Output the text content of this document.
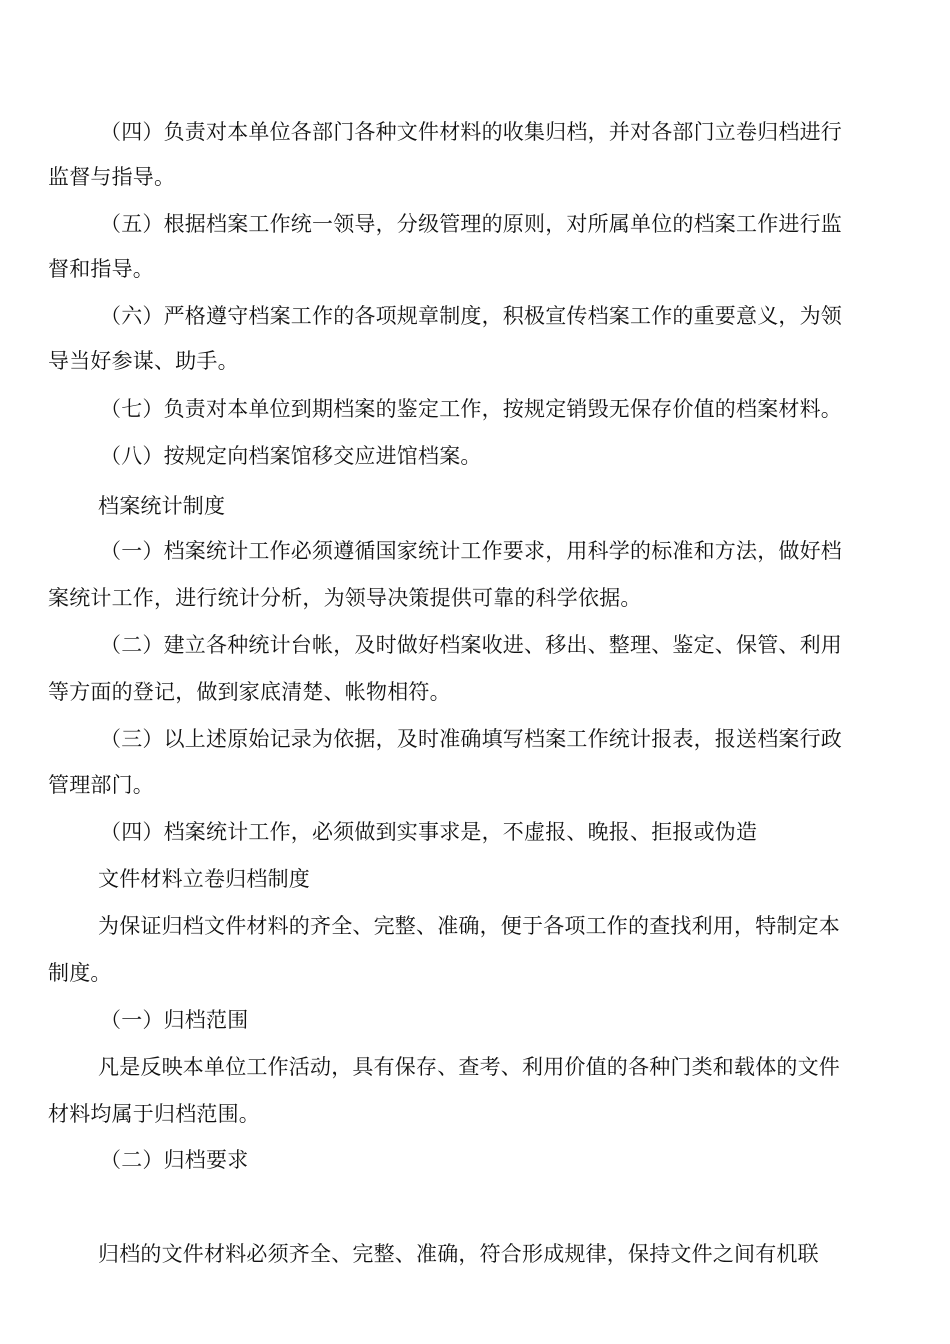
（四）负责对本单位各部门各种文件材料的收集归档，并对各部门立卷归档进行
监督与指导。
（五）根据档案工作统一领导，分级管理的原则，对所属单位的档案工作进行监
督和指导。
（六）严格遵守档案工作的各项规章制度，积极宣传档案工作的重要意义，为领
导当好参谋、助手。
（七）负责对本单位到期档案的鉴定工作，按规定销毁无保存价值的档案材料。
（八）按规定向档案馆移交应进馆档案。
档案统计制度
（一）档案统计工作必须遵循国家统计工作要求，用科学的标准和方法，做好档
案统计工作，进行统计分析，为领导决策提供可靠的科学依据。
（二）建立各种统计台帐，及时做好档案收进、移出、整理、鉴定、保管、利用
等方面的登记，做到家底清楚、帐物相符。
（三）以上述原始记录为依据，及时准确填写档案工作统计报表，报送档案行政
管理部门。
（四）档案统计工作，必须做到实事求是，不虚报、晚报、拒报或伪造
文件材料立卷归档制度
为保证归档文件材料的齐全、完整、准确，便于各项工作的查找利用，特制定本
制度。
（一）归档范围
凡是反映本单位工作活动，具有保存、查考、利用价值的各种门类和载体的文件
材料均属于归档范围。
（二）归档要求
归档的文件材料必须齐全、完整、准确，符合形成规律，保持文件之间有机联
